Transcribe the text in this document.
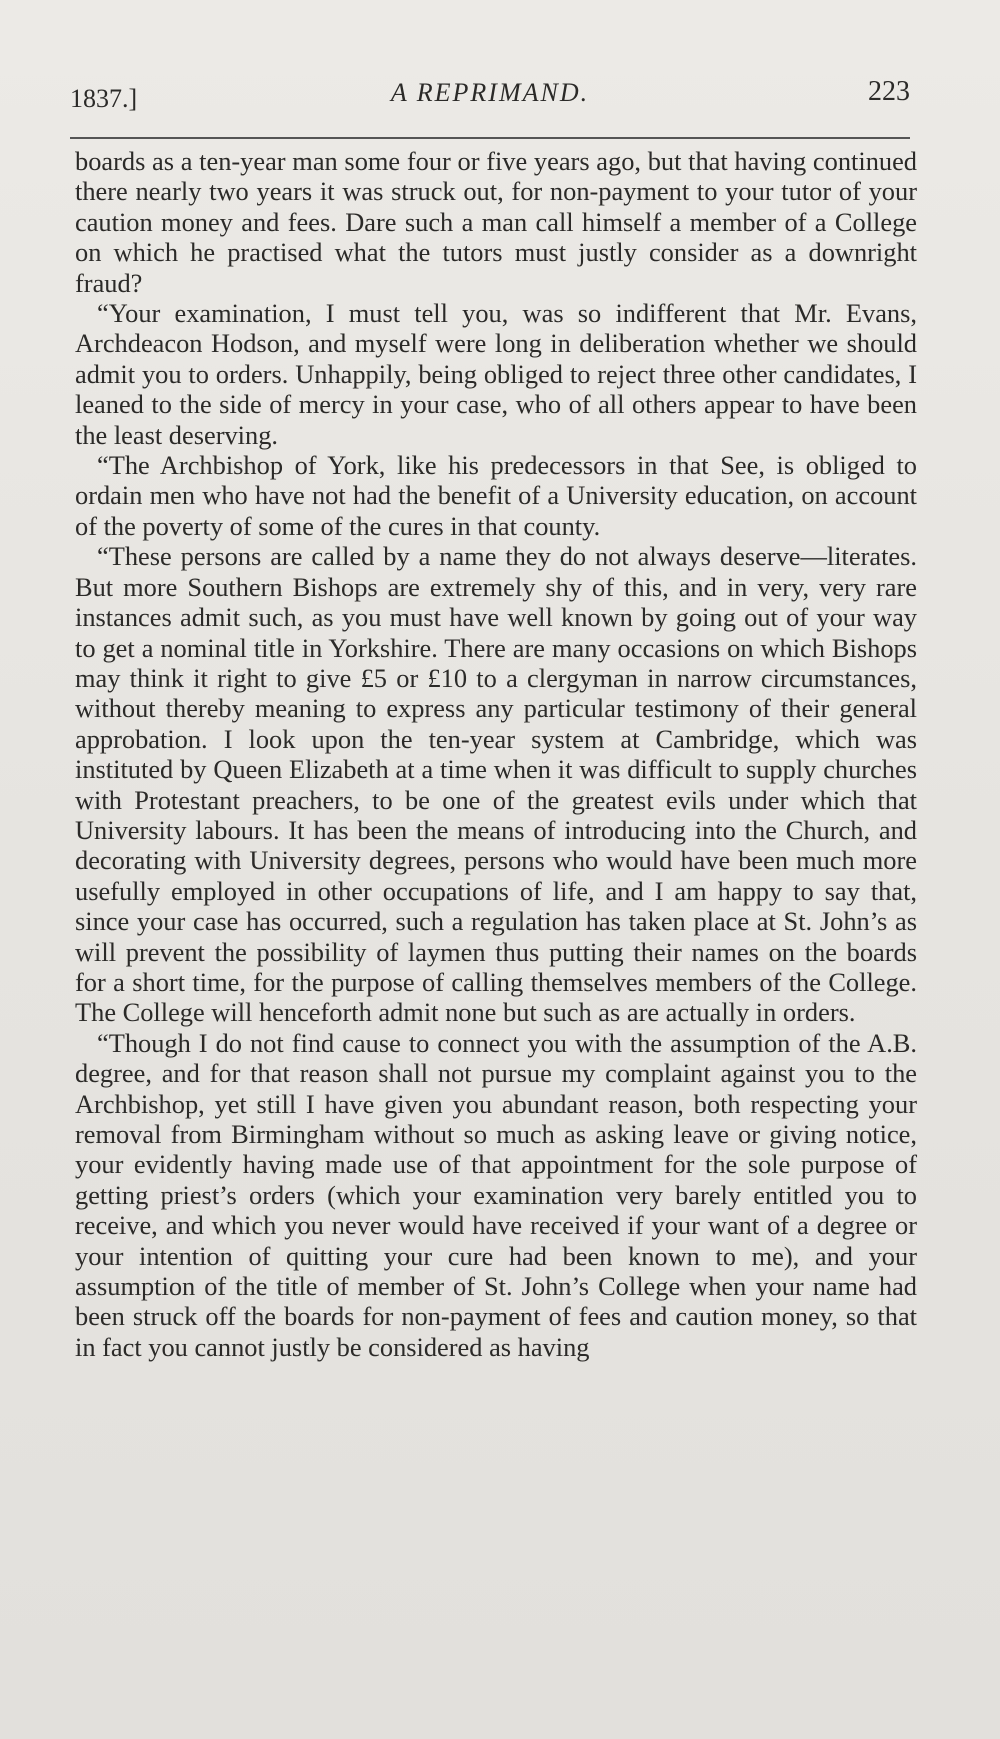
1837.]	A REPRIMAND.	223

boards as a ten-year man some four or five years ago, but that having continued there nearly two years it was struck out, for non-payment to your tutor of your caution money and fees. Dare such a man call himself a member of a College on which he practised what the tutors must justly consider as a downright fraud?

“Your examination, I must tell you, was so indifferent that Mr. Evans, Archdeacon Hodson, and myself were long in deliberation whether we should admit you to orders. Unhappily, being obliged to reject three other candidates, I leaned to the side of mercy in your case, who of all others appear to have been the least deserving.

“The Archbishop of York, like his predecessors in that See, is obliged to ordain men who have not had the benefit of a University education, on account of the poverty of some of the cures in that county.

“These persons are called by a name they do not always deserve—literates. But more Southern Bishops are extremely shy of this, and in very, very rare instances admit such, as you must have well known by going out of your way to get a nominal title in Yorkshire. There are many occasions on which Bishops may think it right to give £5 or £10 to a clergyman in narrow circumstances, without thereby meaning to express any particular testimony of their general approbation. I look upon the ten-year system at Cambridge, which was instituted by Queen Elizabeth at a time when it was difficult to supply churches with Protestant preachers, to be one of the greatest evils under which that University labours. It has been the means of introducing into the Church, and decorating with University degrees, persons who would have been much more usefully employed in other occupations of life, and I am happy to say that, since your case has occurred, such a regulation has taken place at St. John’s as will prevent the possibility of laymen thus putting their names on the boards for a short time, for the purpose of calling themselves members of the College. The College will henceforth admit none but such as are actually in orders.

“Though I do not find cause to connect you with the assumption of the A.B. degree, and for that reason shall not pursue my complaint against you to the Archbishop, yet still I have given you abundant reason, both respecting your removal from Birmingham without so much as asking leave or giving notice, your evidently having made use of that appointment for the sole purpose of getting priest’s orders (which your examination very barely entitled you to receive, and which you never would have received if your want of a degree or your intention of quitting your cure had been known to me), and your assumption of the title of member of St. John’s College when your name had been struck off the boards for non-payment of fees and caution money, so that in fact you cannot justly be considered as having
